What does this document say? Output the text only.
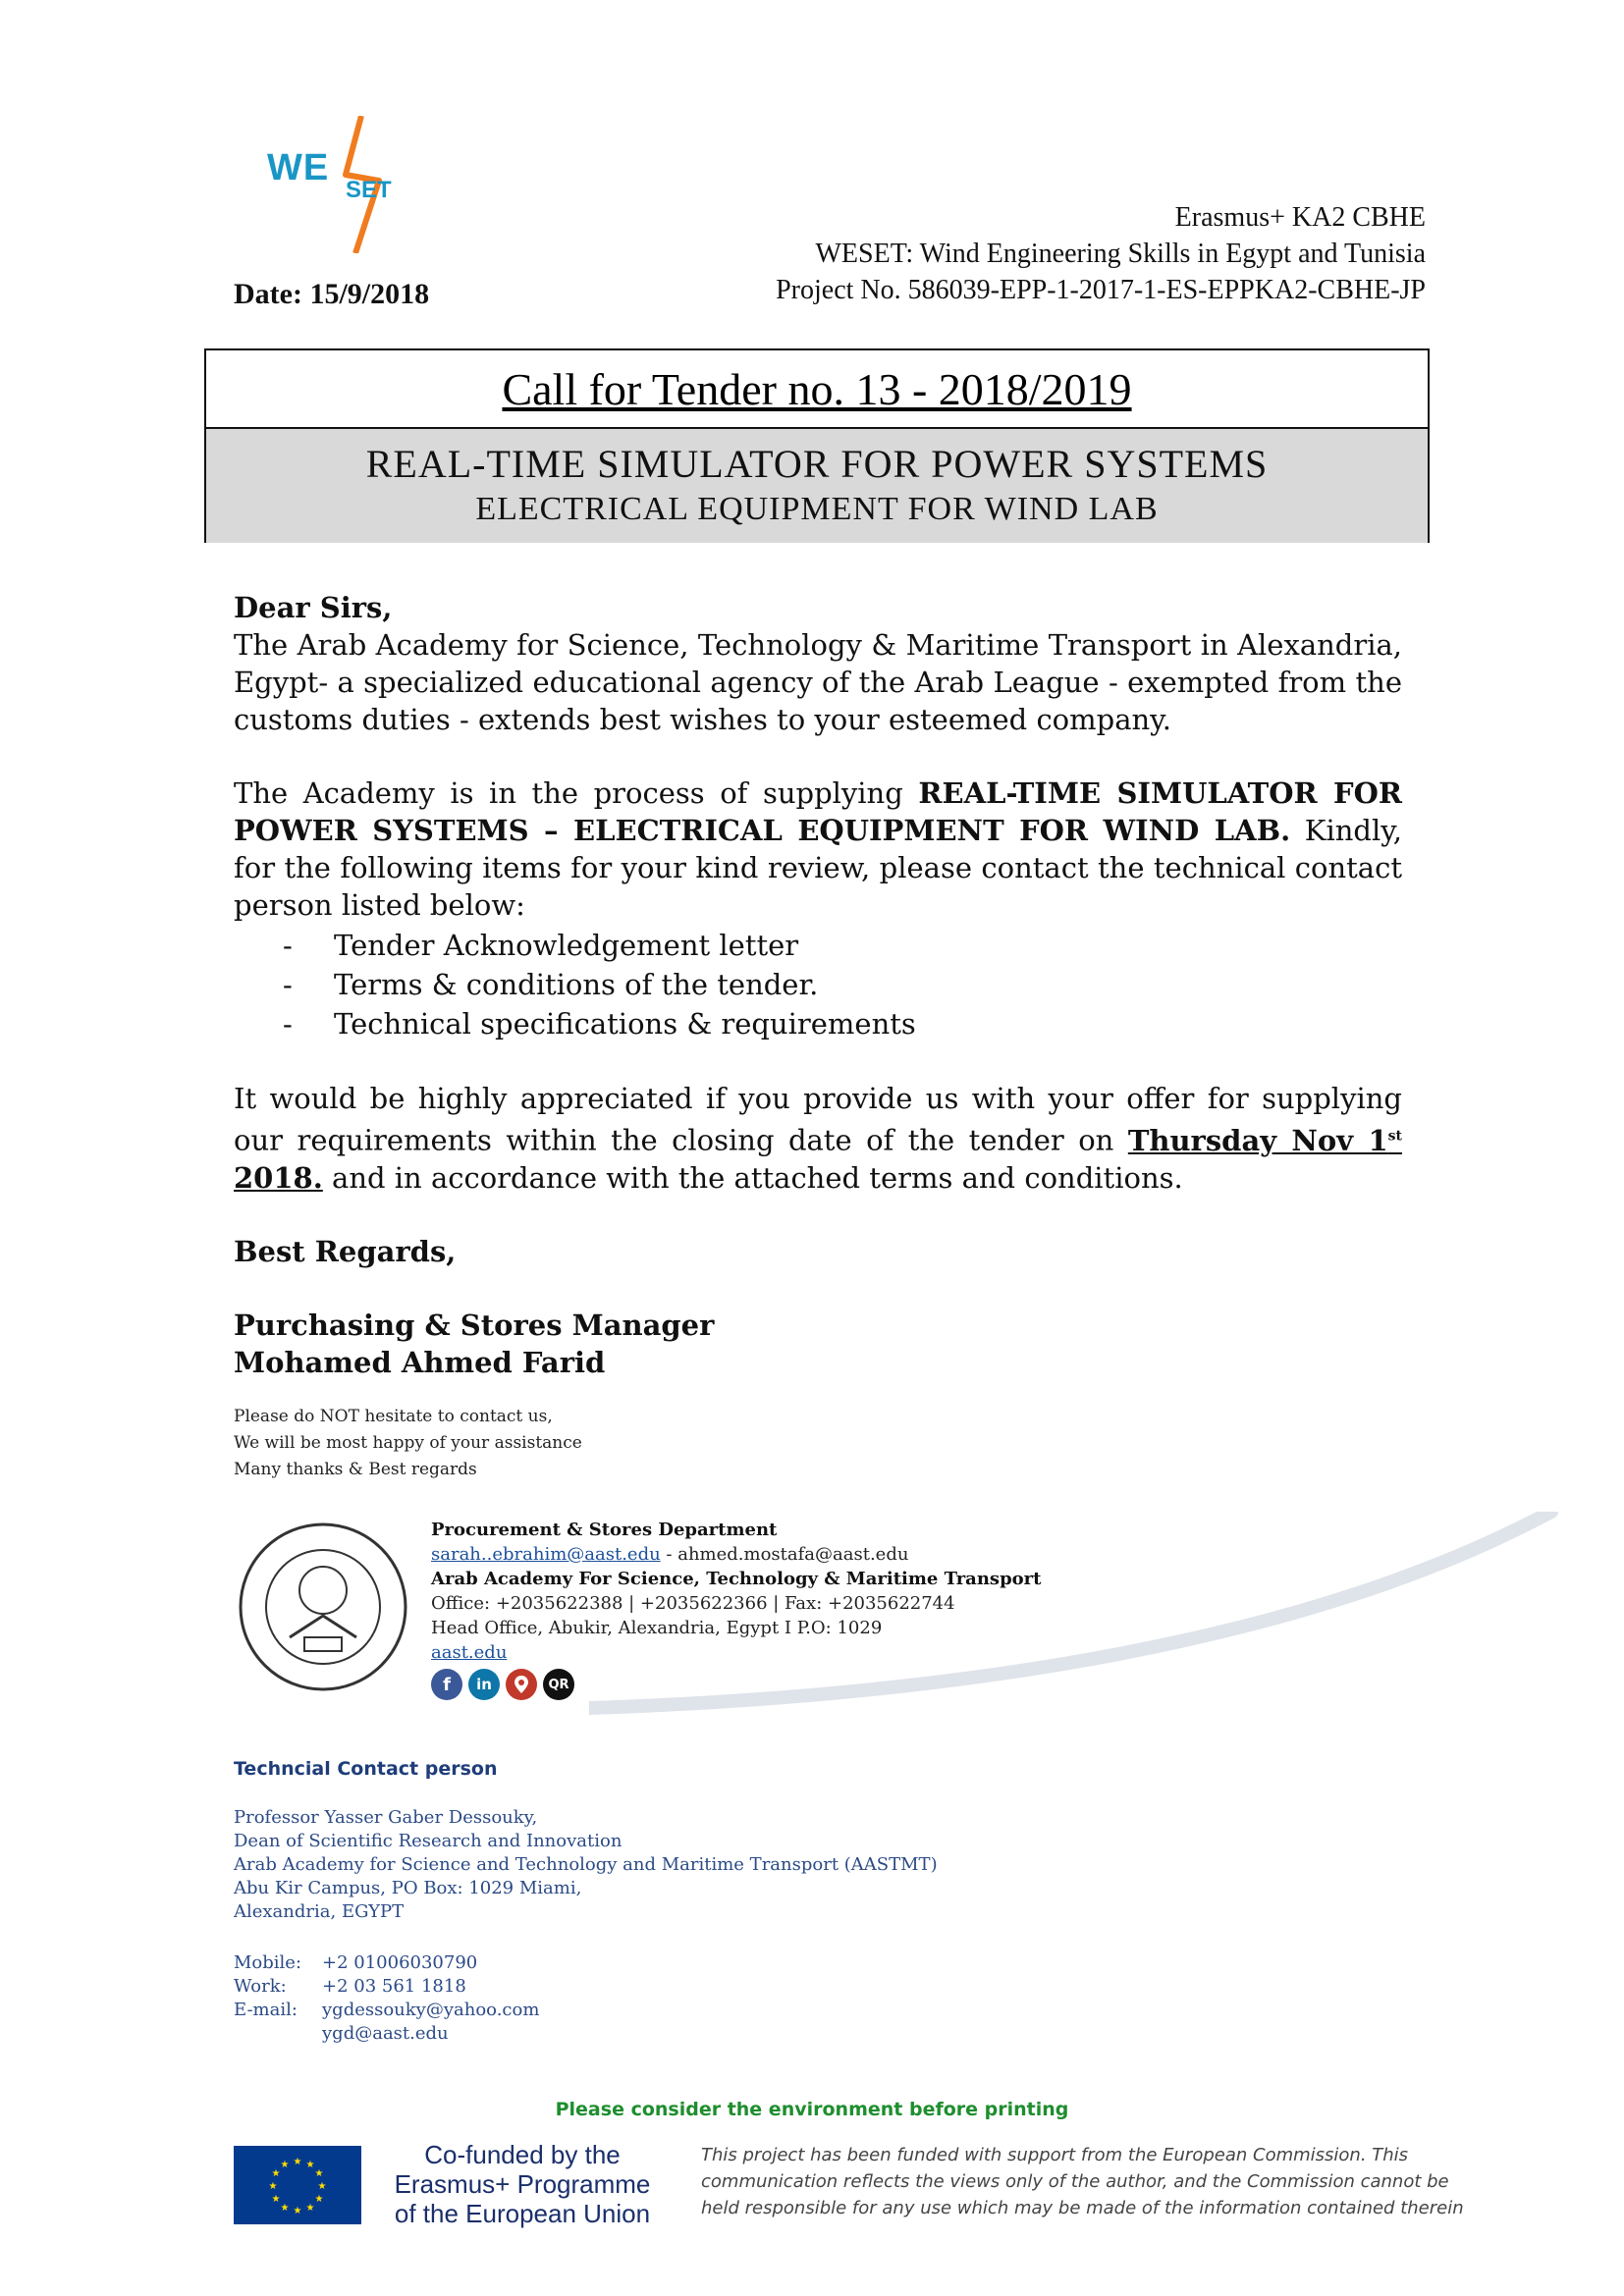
WE
SET
Erasmus+ KA2 CBHE
WESET: Wind Engineering Skills in Egypt and Tunisia
Project No. 586039-EPP-1-2017-1-ES-EPPKA2-CBHE-JP
Date: 15/9/2018
Call for Tender no. 13 - 2018/2019
REAL-TIME SIMULATOR FOR POWER SYSTEMS
ELECTRICAL EQUIPMENT FOR WIND LAB

Dear Sirs,

The Arab Academy for Science, Technology & Maritime Transport in Alexandria, Egypt- a specialized educational agency of the Arab League - exempted from the customs duties - extends best wishes to your esteemed company.

The Academy is in the process of supplying REAL-TIME SIMULATOR FOR POWER SYSTEMS – ELECTRICAL EQUIPMENT FOR WIND LAB. Kindly, for the following items for your kind review, please contact the technical contact person listed below:

-	Tender Acknowledgement letter
-	Terms & conditions of the tender.
-	Technical specifications & requirements

It would be highly appreciated if you provide us with your offer for supplying our requirements within the closing date of the tender on Thursday Nov 1st 2018. and in accordance with the attached terms and conditions.

Best Regards,

Purchasing & Stores Manager

Mohamed Ahmed Farid

Please do NOT hesitate to contact us,
We will be most happy of your assistance
Many thanks & Best regards
Procurement & Stores Department
sarah..ebrahim@aast.edu - ahmed.mostafa@aast.edu
Arab Academy For Science, Technology & Maritime Transport
Office: +2035622388 | +2035622366 | Fax: +2035622744
Head Office, Abukir, Alexandria, Egypt I P.O: 1029
aast.edu
f	in	QR
Techncial Contact person
Professor Yasser Gaber Dessouky,
Dean of Scientific Research and Innovation
Arab Academy for Science and Technology and Maritime Transport (AASTMT)
Abu Kir Campus, PO Box: 1029 Miami,
Alexandria, EGYPT
Mobile:	+2 01006030790
Work:	+2 03 561 1818
E-mail:	ygdessouky@yahoo.com
ygd@aast.edu
Please consider the environment before printing
★ ★
★
★
★
★
★
★
★
★
★
★	Co-funded by the
Erasmus+ Programme
of the European Union
This project has been funded with support from the European Commission. This communication reflects the views only of the author, and the Commission cannot be held responsible for any use which may be made of the information contained therein
